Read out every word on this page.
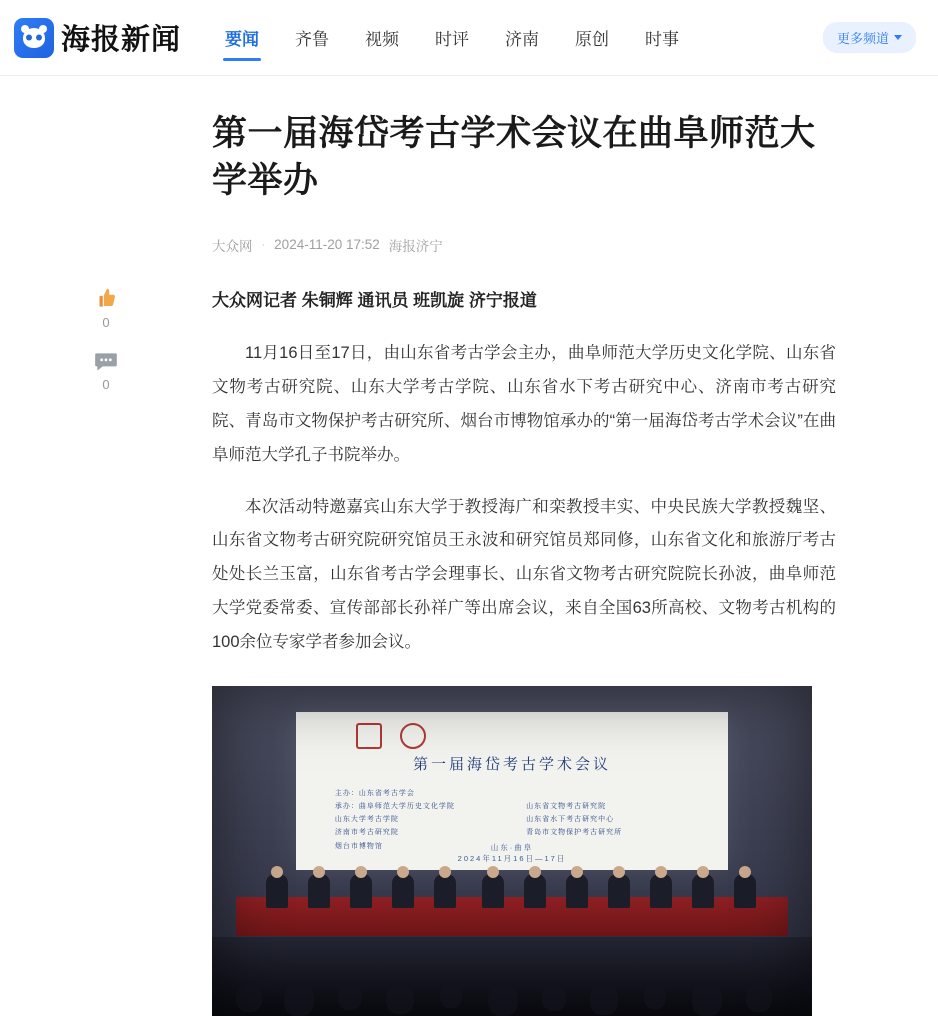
海报新闻	要闻 齐鲁 视频 时评 济南 原创 时事	更多频道
0
0
第一届海岱考古学术会议在曲阜师范大学举办
大众网 · 2024-11-20 17:52 海报济宁

大众网记者 朱铜辉 通讯员 班凯旋 济宁报道

11月16日至17日，由山东省考古学会主办，曲阜师范大学历史文化学院、山东省文物考古研究院、山东大学考古学院、山东省水下考古研究中心、济南市考古研究院、青岛市文物保护考古研究所、烟台市博物馆承办的“第一届海岱考古学术会议”在曲阜师范大学孔子书院举办。

本次活动特邀嘉宾山东大学于教授海广和栾教授丰实、中央民族大学教授魏坚、山东省文物考古研究院研究馆员王永波和研究馆员郑同修，山东省文化和旅游厅考古处处长兰玉富，山东省考古学会理事长、山东省文物考古研究院院长孙波，曲阜师范大学党委常委、宣传部部长孙祥广等出席会议，来自全国63所高校、文物考古机构的100余位专家学者参加会议。

第一届海岱考古学术会议
主办：山东省考古学会
承办：曲阜师范大学历史文化学院	山东省文物考古研究院
山东大学考古学院	山东省水下考古研究中心
济南市考古研究院	青岛市文物保护考古研究所
烟台市博物馆	山东·曲阜
2024年11月16日—17日
